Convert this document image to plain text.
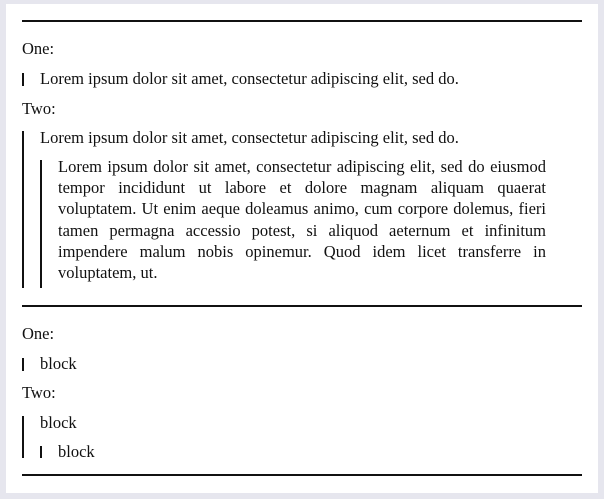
One:
Lorem ipsum dolor sit amet, consectetur adipiscing elit, sed do.
Two:
Lorem ipsum dolor sit amet, consectetur adipiscing elit, sed do.
Lorem ipsum dolor sit amet, consectetur adipiscing elit, sed do eiusmod tempor incididunt ut labore et dolore magnam aliquam quaerat voluptatem. Ut enim aeque doleamus animo, cum corpore dolemus, fieri tamen permagna accessio potest, si aliquod aeternum et infinitum impendere malum nobis opinemur. Quod idem licet transferre in voluptatem, ut.
One:
block
Two:
block
block
